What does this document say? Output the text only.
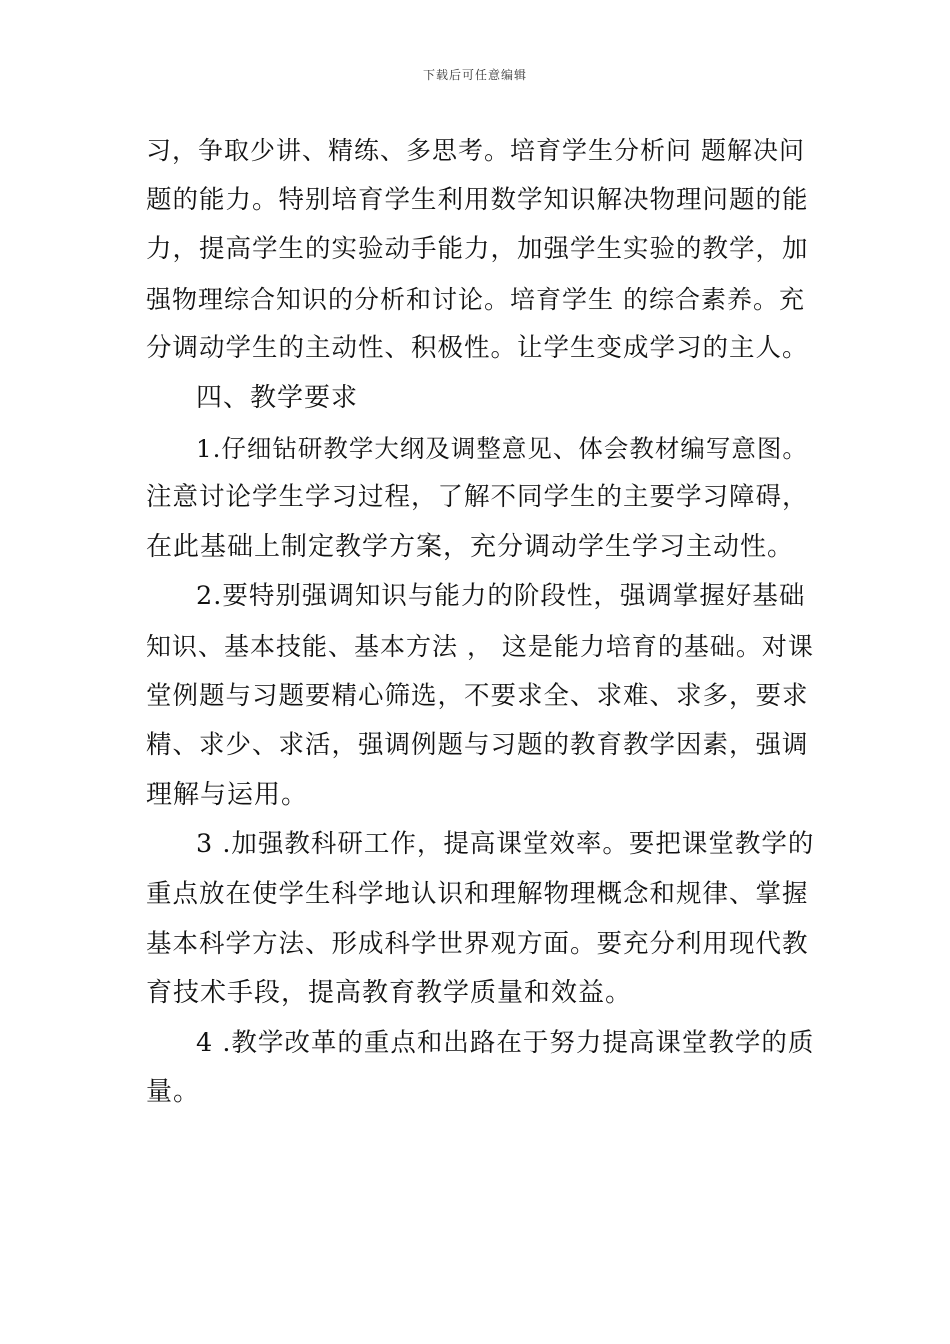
下载后可任意编辑
习，争取少讲、精练、多思考。培育学生分析问 题解决问
题的能力。特别培育学生利用数学知识解决物理问题的能
力，提高学生的实验动手能力，加强学生实验的教学，加
强物理综合知识的分析和讨论。培育学生 的综合素养。充
分调动学生的主动性、积极性。让学生变成学习的主人。
四、教学要求
1.仔细钻研教学大纲及调整意见、体会教材编写意图。
注意讨论学生学习过程，了解不同学生的主要学习障碍，
在此基础上制定教学方案，充分调动学生学习主动性。
2.要特别强调知识与能力的阶段性，强调掌握好基础
知识、基本技能、基本方法 ， 这是能力培育的基础。对课
堂例题与习题要精心筛选，不要求全、求难、求多，要求
精、求少、求活，强调例题与习题的教育教学因素，强调
理解与运用。
3 .加强教科研工作，提高课堂效率。要把课堂教学的
重点放在使学生科学地认识和理解物理概念和规律、掌握
基本科学方法、形成科学世界观方面。要充分利用现代教
育技术手段，提高教育教学质量和效益。
4 .教学改革的重点和出路在于努力提高课堂教学的质
量。
